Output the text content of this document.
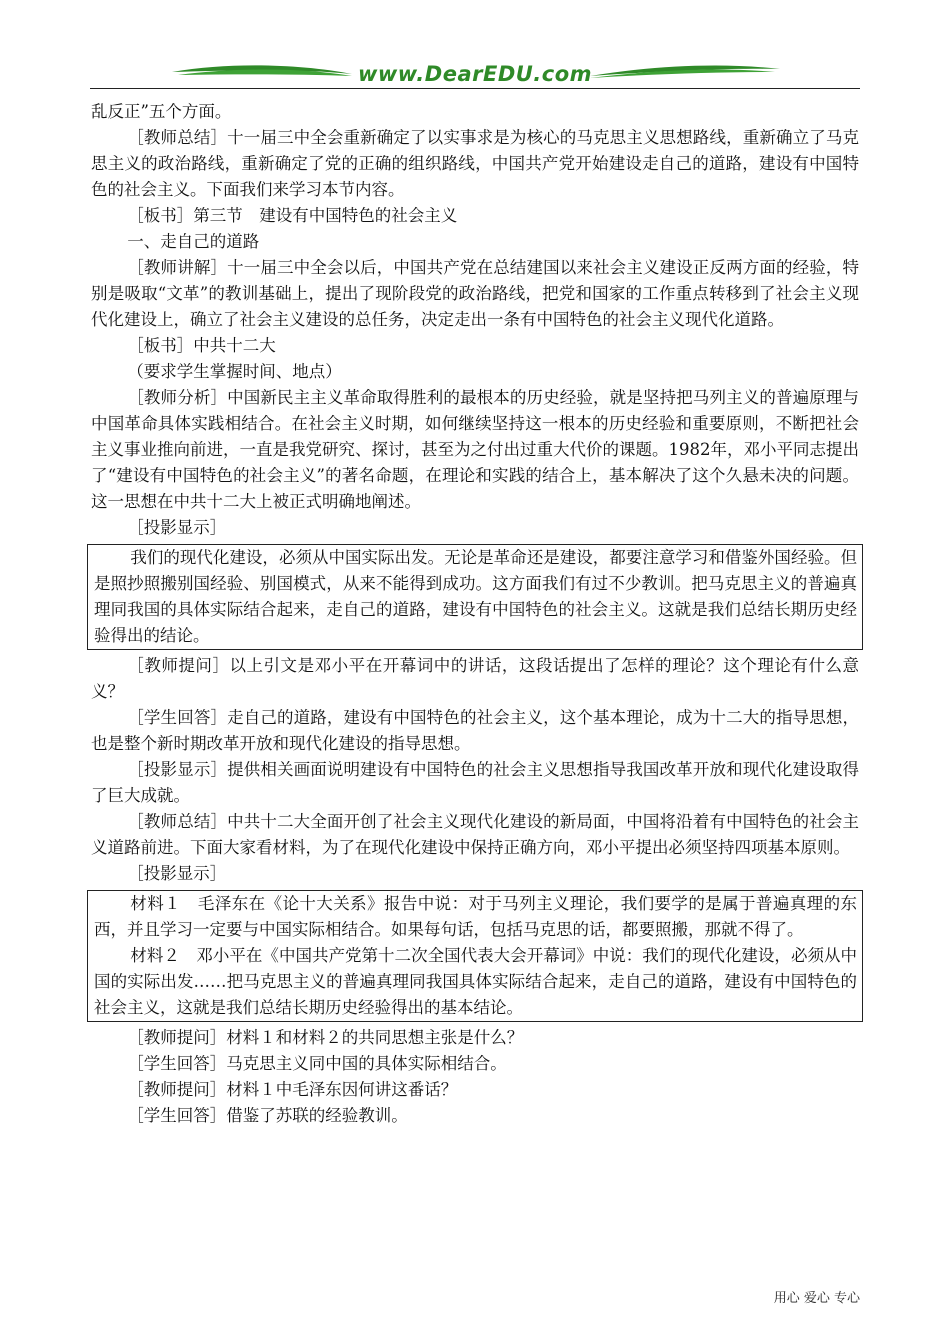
www.DearEDU.com

乱反正”五个方面。

［教师总结］十一届三中全会重新确定了以实事求是为核心的马克思主义思想路线，重新确立了马克思主义的政治路线，重新确定了党的正确的组织路线，中国共产党开始建设走自己的道路，建设有中国特色的社会主义。下面我们来学习本节内容。

［板书］第三节　建设有中国特色的社会主义

一、走自己的道路

［教师讲解］十一届三中全会以后，中国共产党在总结建国以来社会主义建设正反两方面的经验，特别是吸取“文革”的教训基础上，提出了现阶段党的政治路线，把党和国家的工作重点转移到了社会主义现代化建设上，确立了社会主义建设的总任务，决定走出一条有中国特色的社会主义现代化道路。

［板书］中共十二大

（要求学生掌握时间、地点）

［教师分析］中国新民主主义革命取得胜利的最根本的历史经验，就是坚持把马列主义的普遍原理与中国革命具体实践相结合。在社会主义时期，如何继续坚持这一根本的历史经验和重要原则，不断把社会主义事业推向前进，一直是我党研究、探讨，甚至为之付出过重大代价的课题。1982年，邓小平同志提出了“建设有中国特色的社会主义”的著名命题，在理论和实践的结合上，基本解决了这个久悬未决的问题。这一思想在中共十二大上被正式明确地阐述。

［投影显示］

我们的现代化建设，必须从中国实际出发。无论是革命还是建设，都要注意学习和借鉴外国经验。但是照抄照搬别国经验、别国模式，从来不能得到成功。这方面我们有过不少教训。把马克思主义的普遍真理同我国的具体实际结合起来，走自己的道路，建设有中国特色的社会主义。这就是我们总结长期历史经验得出的结论。

［教师提问］以上引文是邓小平在开幕词中的讲话，这段话提出了怎样的理论？这个理论有什么意义？

［学生回答］走自己的道路，建设有中国特色的社会主义，这个基本理论，成为十二大的指导思想，也是整个新时期改革开放和现代化建设的指导思想。

［投影显示］提供相关画面说明建设有中国特色的社会主义思想指导我国改革开放和现代化建设取得了巨大成就。

［教师总结］中共十二大全面开创了社会主义现代化建设的新局面，中国将沿着有中国特色的社会主义道路前进。下面大家看材料，为了在现代化建设中保持正确方向，邓小平提出必须坚持四项基本原则。

［投影显示］

材料１　毛泽东在《论十大关系》报告中说：对于马列主义理论，我们要学的是属于普遍真理的东西，并且学习一定要与中国实际相结合。如果每句话，包括马克思的话，都要照搬，那就不得了。

材料２　邓小平在《中国共产党第十二次全国代表大会开幕词》中说：我们的现代化建设，必须从中国的实际出发……把马克思主义的普遍真理同我国具体实际结合起来，走自己的道路，建设有中国特色的社会主义，这就是我们总结长期历史经验得出的基本结论。

［教师提问］材料１和材料２的共同思想主张是什么？

［学生回答］马克思主义同中国的具体实际相结合。

［教师提问］材料１中毛泽东因何讲这番话？

［学生回答］借鉴了苏联的经验教训。

用心 爱心 专心
